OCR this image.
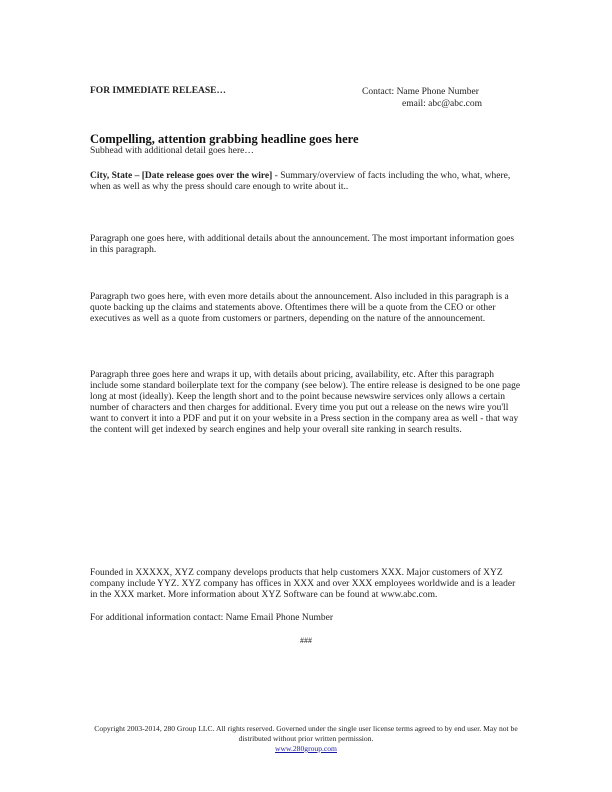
FOR IMMEDIATE RELEASE…	Contact: Name Phone Number
email: abc@abc.com
Compelling, attention grabbing headline goes here
Subhead with additional detail goes here…
City, State – [Date release goes over the wire] - Summary/overview of facts including the who, what, where, when as well as why the press should care enough to write about it..
Paragraph one goes here, with additional details about the announcement. The most important information goes in this paragraph.
Paragraph two goes here, with even more details about the announcement. Also included in this paragraph is a quote backing up the claims and statements above. Oftentimes there will be a quote from the CEO or other executives as well as a quote from customers or partners, depending on the nature of the announcement.
Paragraph three goes here and wraps it up, with details about pricing, availability, etc. After this paragraph include some standard boilerplate text for the company (see below). The entire release is designed to be one page long at most (ideally). Keep the length short and to the point because newswire services only allows a certain number of characters and then charges for additional. Every time you put out a release on the news wire you'll want to convert it into a PDF and put it on your website in a Press section in the company area as well - that way the content will get indexed by search engines and help your overall site ranking in search results.
Founded in XXXXX, XYZ company develops products that help customers XXX. Major customers of XYZ company include YYZ. XYZ company has offices in XXX and over XXX employees worldwide and is a leader in the XXX market. More information about XYZ Software can be found at www.abc.com.
For additional information contact: Name Email Phone Number
###
Copyright 2003-2014, 280 Group LLC. All rights reserved. Governed under the single user license terms agreed to by end user. May not be distributed without prior written permission.
www.280group.com
